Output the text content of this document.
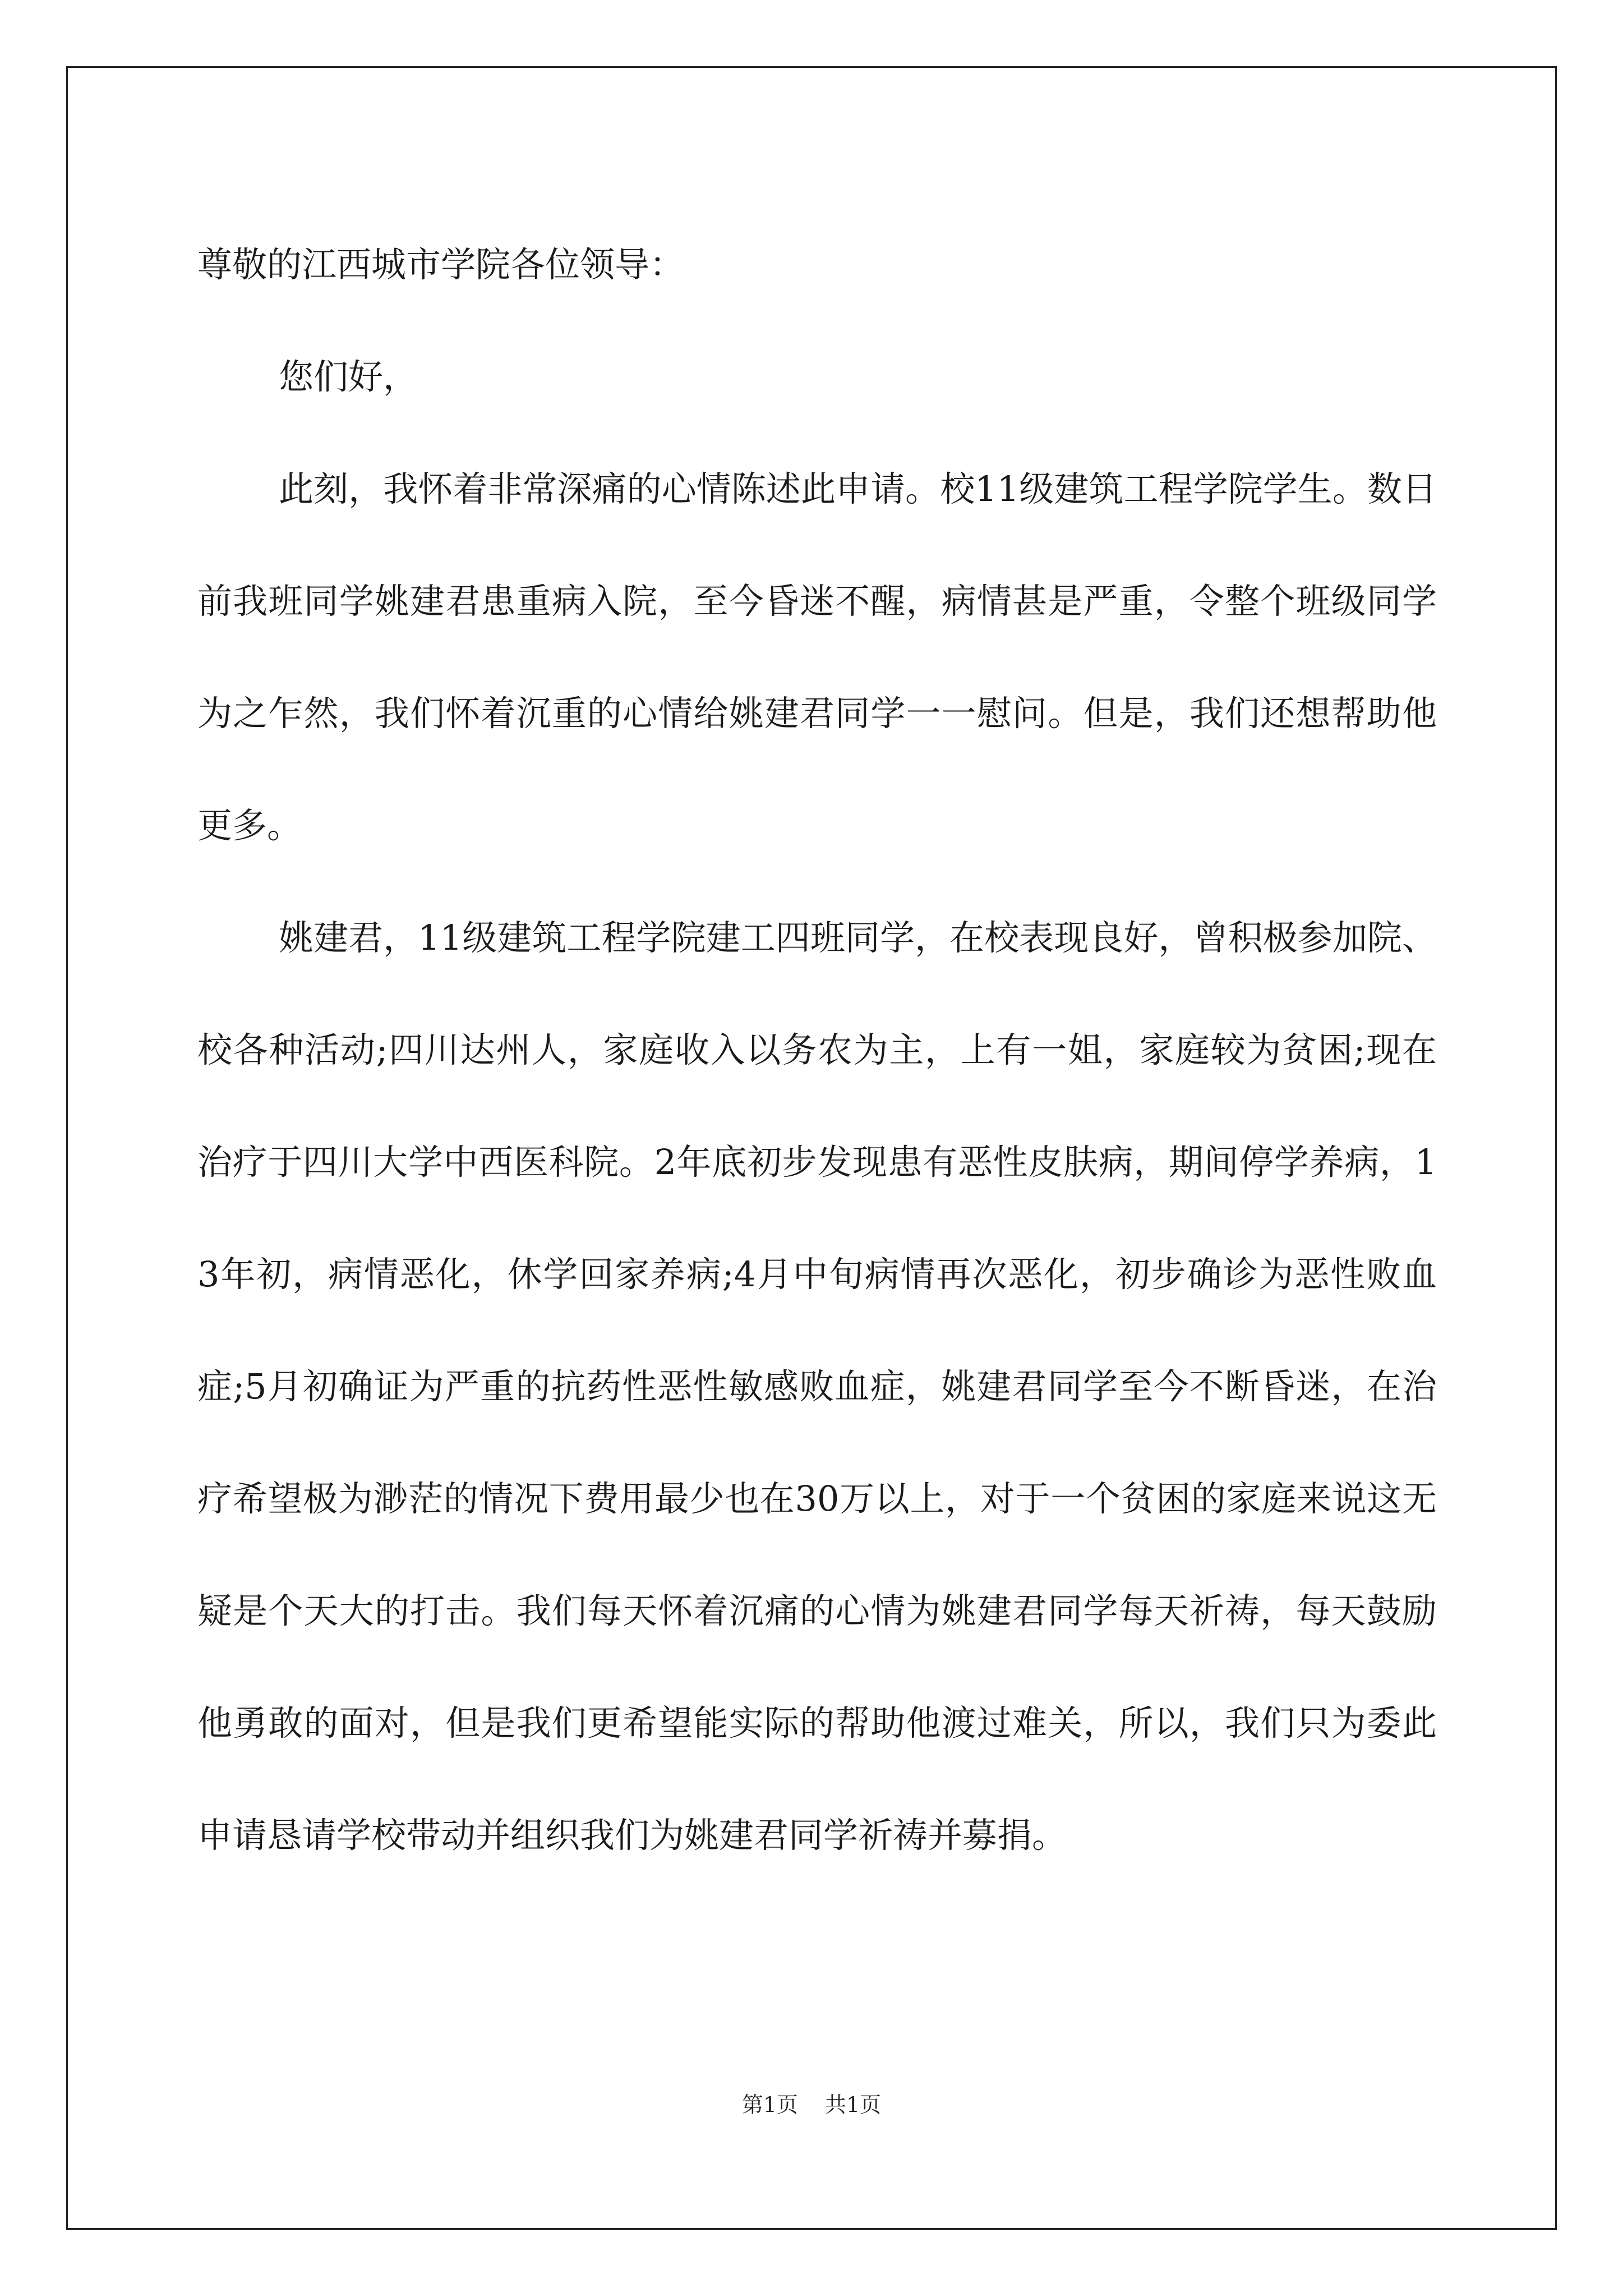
尊敬的江西城市学院各位领导：

您们好，

此刻，我怀着非常深痛的心情陈述此申请。校11级建筑工程学院学生。数日前我班同学姚建君患重病入院，至今昏迷不醒，病情甚是严重，令整个班级同学为之乍然，我们怀着沉重的心情给姚建君同学一一慰问。但是，我们还想帮助他更多。

姚建君，11级建筑工程学院建工四班同学，在校表现良好，曾积极参加院、校各种活动;四川达州人，家庭收入以务农为主，上有一姐，家庭较为贫困;现在治疗于四川大学中西医科院。2年底初步发现患有恶性皮肤病，期间停学养病，13年初，病情恶化，休学回家养病;4月中旬病情再次恶化，初步确诊为恶性败血症;5月初确证为严重的抗药性恶性敏感败血症，姚建君同学至今不断昏迷，在治疗希望极为渺茫的情况下费用最少也在30万以上，对于一个贫困的家庭来说这无疑是个天大的打击。我们每天怀着沉痛的心情为姚建君同学每天祈祷，每天鼓励他勇敢的面对，但是我们更希望能实际的帮助他渡过难关，所以，我们只为委此申请恳请学校带动并组织我们为姚建君同学祈祷并募捐。

第1页 共1页
